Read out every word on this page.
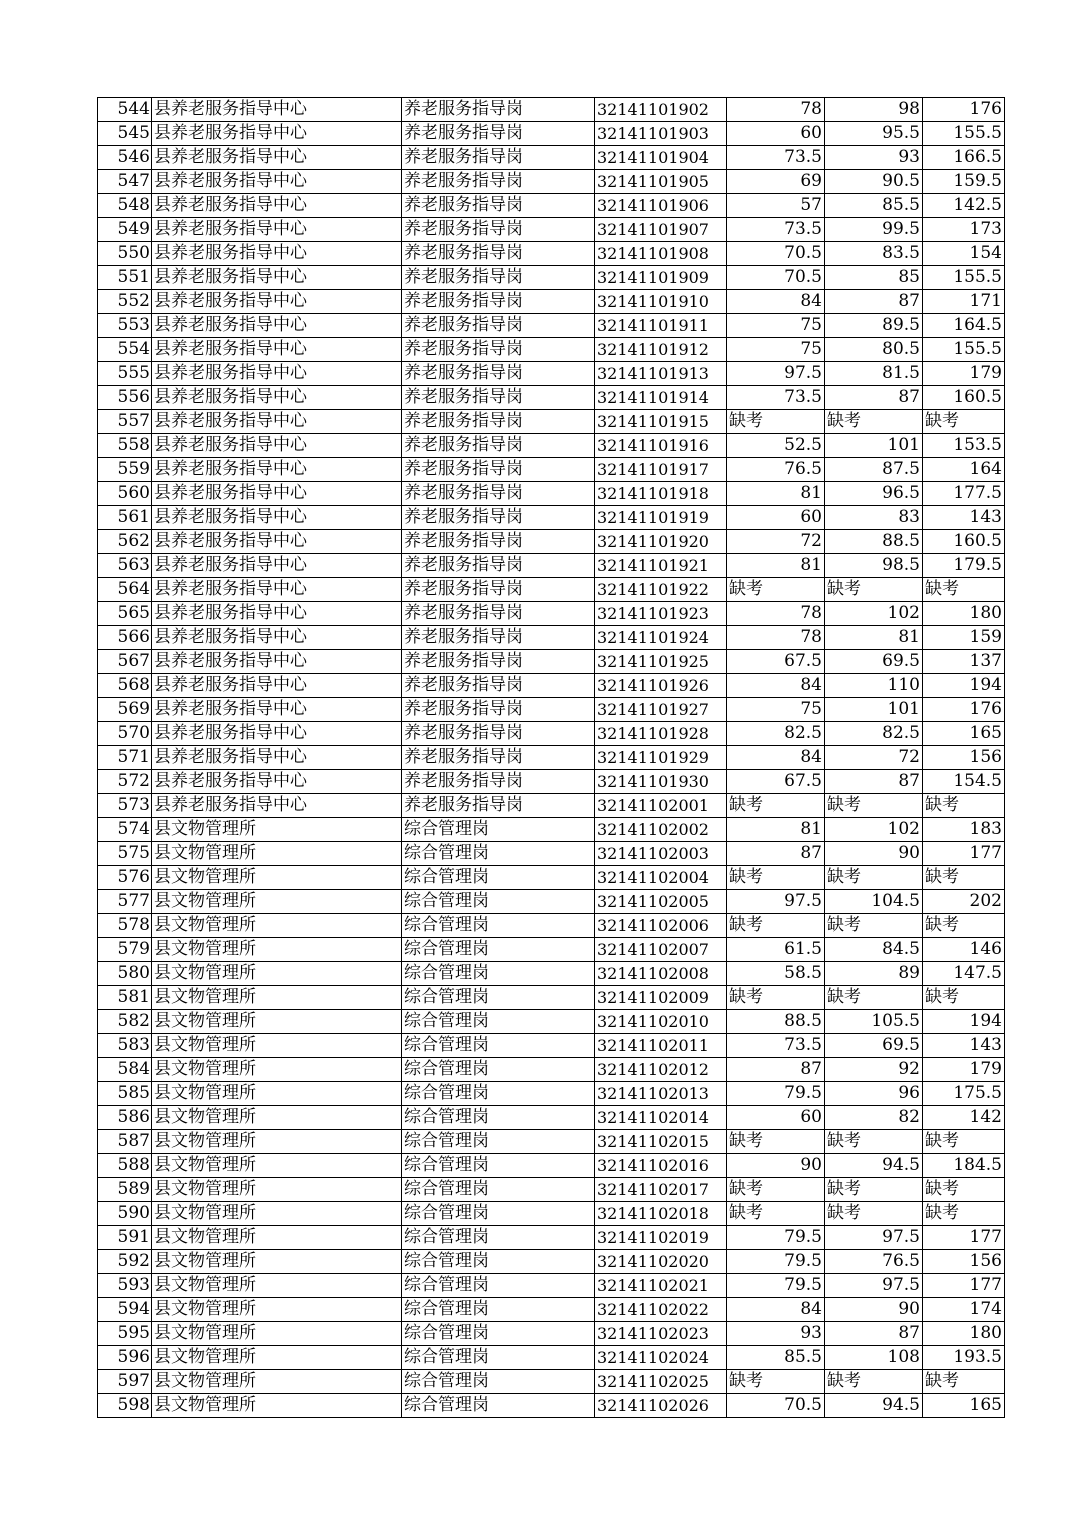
544	县养老服务指导中心	养老服务指导岗	32141101902	78	98	176
545	县养老服务指导中心	养老服务指导岗	32141101903	60	95.5	155.5
546	县养老服务指导中心	养老服务指导岗	32141101904	73.5	93	166.5
547	县养老服务指导中心	养老服务指导岗	32141101905	69	90.5	159.5
548	县养老服务指导中心	养老服务指导岗	32141101906	57	85.5	142.5
549	县养老服务指导中心	养老服务指导岗	32141101907	73.5	99.5	173
550	县养老服务指导中心	养老服务指导岗	32141101908	70.5	83.5	154
551	县养老服务指导中心	养老服务指导岗	32141101909	70.5	85	155.5
552	县养老服务指导中心	养老服务指导岗	32141101910	84	87	171
553	县养老服务指导中心	养老服务指导岗	32141101911	75	89.5	164.5
554	县养老服务指导中心	养老服务指导岗	32141101912	75	80.5	155.5
555	县养老服务指导中心	养老服务指导岗	32141101913	97.5	81.5	179
556	县养老服务指导中心	养老服务指导岗	32141101914	73.5	87	160.5
557	县养老服务指导中心	养老服务指导岗	32141101915	缺考	缺考	缺考
558	县养老服务指导中心	养老服务指导岗	32141101916	52.5	101	153.5
559	县养老服务指导中心	养老服务指导岗	32141101917	76.5	87.5	164
560	县养老服务指导中心	养老服务指导岗	32141101918	81	96.5	177.5
561	县养老服务指导中心	养老服务指导岗	32141101919	60	83	143
562	县养老服务指导中心	养老服务指导岗	32141101920	72	88.5	160.5
563	县养老服务指导中心	养老服务指导岗	32141101921	81	98.5	179.5
564	县养老服务指导中心	养老服务指导岗	32141101922	缺考	缺考	缺考
565	县养老服务指导中心	养老服务指导岗	32141101923	78	102	180
566	县养老服务指导中心	养老服务指导岗	32141101924	78	81	159
567	县养老服务指导中心	养老服务指导岗	32141101925	67.5	69.5	137
568	县养老服务指导中心	养老服务指导岗	32141101926	84	110	194
569	县养老服务指导中心	养老服务指导岗	32141101927	75	101	176
570	县养老服务指导中心	养老服务指导岗	32141101928	82.5	82.5	165
571	县养老服务指导中心	养老服务指导岗	32141101929	84	72	156
572	县养老服务指导中心	养老服务指导岗	32141101930	67.5	87	154.5
573	县养老服务指导中心	养老服务指导岗	32141102001	缺考	缺考	缺考
574	县文物管理所	综合管理岗	32141102002	81	102	183
575	县文物管理所	综合管理岗	32141102003	87	90	177
576	县文物管理所	综合管理岗	32141102004	缺考	缺考	缺考
577	县文物管理所	综合管理岗	32141102005	97.5	104.5	202
578	县文物管理所	综合管理岗	32141102006	缺考	缺考	缺考
579	县文物管理所	综合管理岗	32141102007	61.5	84.5	146
580	县文物管理所	综合管理岗	32141102008	58.5	89	147.5
581	县文物管理所	综合管理岗	32141102009	缺考	缺考	缺考
582	县文物管理所	综合管理岗	32141102010	88.5	105.5	194
583	县文物管理所	综合管理岗	32141102011	73.5	69.5	143
584	县文物管理所	综合管理岗	32141102012	87	92	179
585	县文物管理所	综合管理岗	32141102013	79.5	96	175.5
586	县文物管理所	综合管理岗	32141102014	60	82	142
587	县文物管理所	综合管理岗	32141102015	缺考	缺考	缺考
588	县文物管理所	综合管理岗	32141102016	90	94.5	184.5
589	县文物管理所	综合管理岗	32141102017	缺考	缺考	缺考
590	县文物管理所	综合管理岗	32141102018	缺考	缺考	缺考
591	县文物管理所	综合管理岗	32141102019	79.5	97.5	177
592	县文物管理所	综合管理岗	32141102020	79.5	76.5	156
593	县文物管理所	综合管理岗	32141102021	79.5	97.5	177
594	县文物管理所	综合管理岗	32141102022	84	90	174
595	县文物管理所	综合管理岗	32141102023	93	87	180
596	县文物管理所	综合管理岗	32141102024	85.5	108	193.5
597	县文物管理所	综合管理岗	32141102025	缺考	缺考	缺考
598	县文物管理所	综合管理岗	32141102026	70.5	94.5	165
